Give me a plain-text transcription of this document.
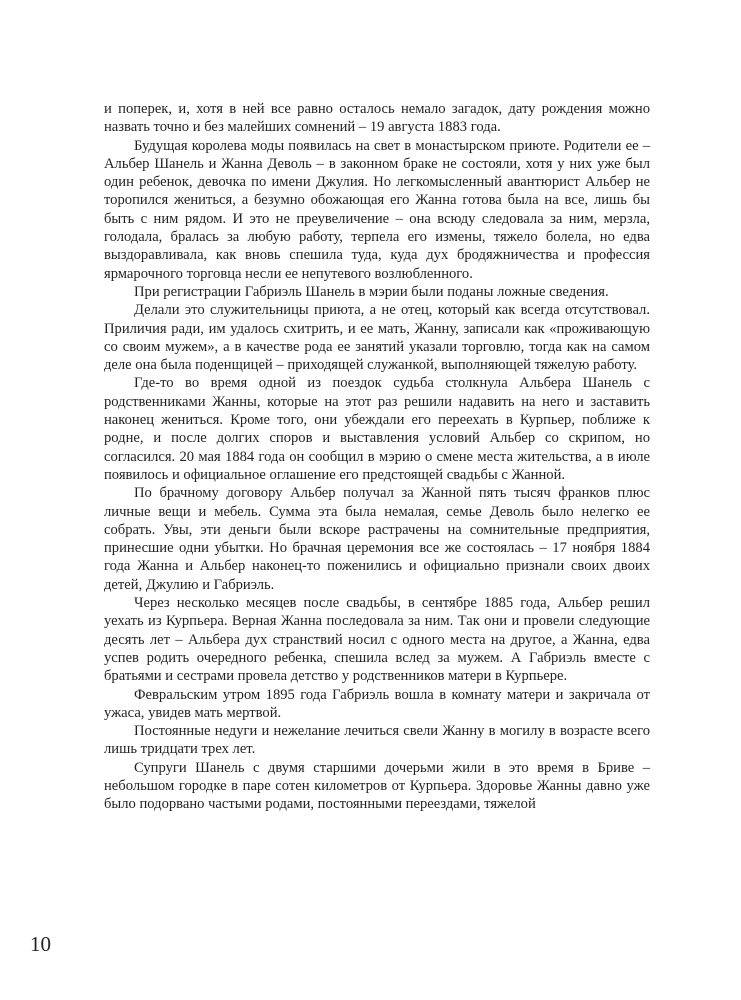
и поперек, и, хотя в ней все равно осталось немало загадок, дату рождения можно назвать точно и без малейших сомнений – 19 августа 1883 года.

Будущая королева моды появилась на свет в монастырском приюте. Родители ее – Альбер Шанель и Жанна Деволь – в законном браке не состояли, хотя у них уже был один ребенок, девочка по имени Джулия. Но легкомысленный авантюрист Альбер не торопился жениться, а безумно обожающая его Жанна готова была на все, лишь бы быть с ним рядом. И это не преувеличение – она всюду следовала за ним, мерзла, голодала, бралась за любую работу, терпела его измены, тяжело болела, но едва выздоравливала, как вновь спешила туда, куда дух бродяжничества и профессия ярмарочного торговца несли ее непутевого возлюбленного.

При регистрации Габриэль Шанель в мэрии были поданы ложные сведения.

Делали это служительницы приюта, а не отец, который как всегда отсутствовал. Приличия ради, им удалось схитрить, и ее мать, Жанну, записали как «проживающую со своим мужем», а в качестве рода ее занятий указали торговлю, тогда как на самом деле она была поденщицей – приходящей служанкой, выполняющей тяжелую работу.

Где-то во время одной из поездок судьба столкнула Альбера Шанель с родственниками Жанны, которые на этот раз решили надавить на него и заставить наконец жениться. Кроме того, они убеждали его переехать в Курпьер, поближе к родне, и после долгих споров и выставления условий Альбер со скрипом, но согласился. 20 мая 1884 года он сообщил в мэрию о смене места жительства, а в июле появилось и официальное оглашение его предстоящей свадьбы с Жанной.

По брачному договору Альбер получал за Жанной пять тысяч франков плюс личные вещи и мебель. Сумма эта была немалая, семье Деволь было нелегко ее собрать. Увы, эти деньги были вскоре растрачены на сомнительные предприятия, принесшие одни убытки. Но брачная церемония все же состоялась – 17 ноября 1884 года Жанна и Альбер наконец-то поженились и официально признали своих двоих детей, Джулию и Габриэль.

Через несколько месяцев после свадьбы, в сентябре 1885 года, Альбер решил уехать из Курпьера. Верная Жанна последовала за ним. Так они и провели следующие десять лет – Альбера дух странствий носил с одного места на другое, а Жанна, едва успев родить очередного ребенка, спешила вслед за мужем. А Габриэль вместе с братьями и сестрами провела детство у родственников матери в Курпьере.

Февральским утром 1895 года Габриэль вошла в комнату матери и закричала от ужаса, увидев мать мертвой.

Постоянные недуги и нежелание лечиться свели Жанну в могилу в возрасте всего лишь тридцати трех лет.

Супруги Шанель с двумя старшими дочерьми жили в это время в Бриве – небольшом городке в паре сотен километров от Курпьера. Здоровье Жанны давно уже было подорвано частыми родами, постоянными переездами, тяжелой

10
